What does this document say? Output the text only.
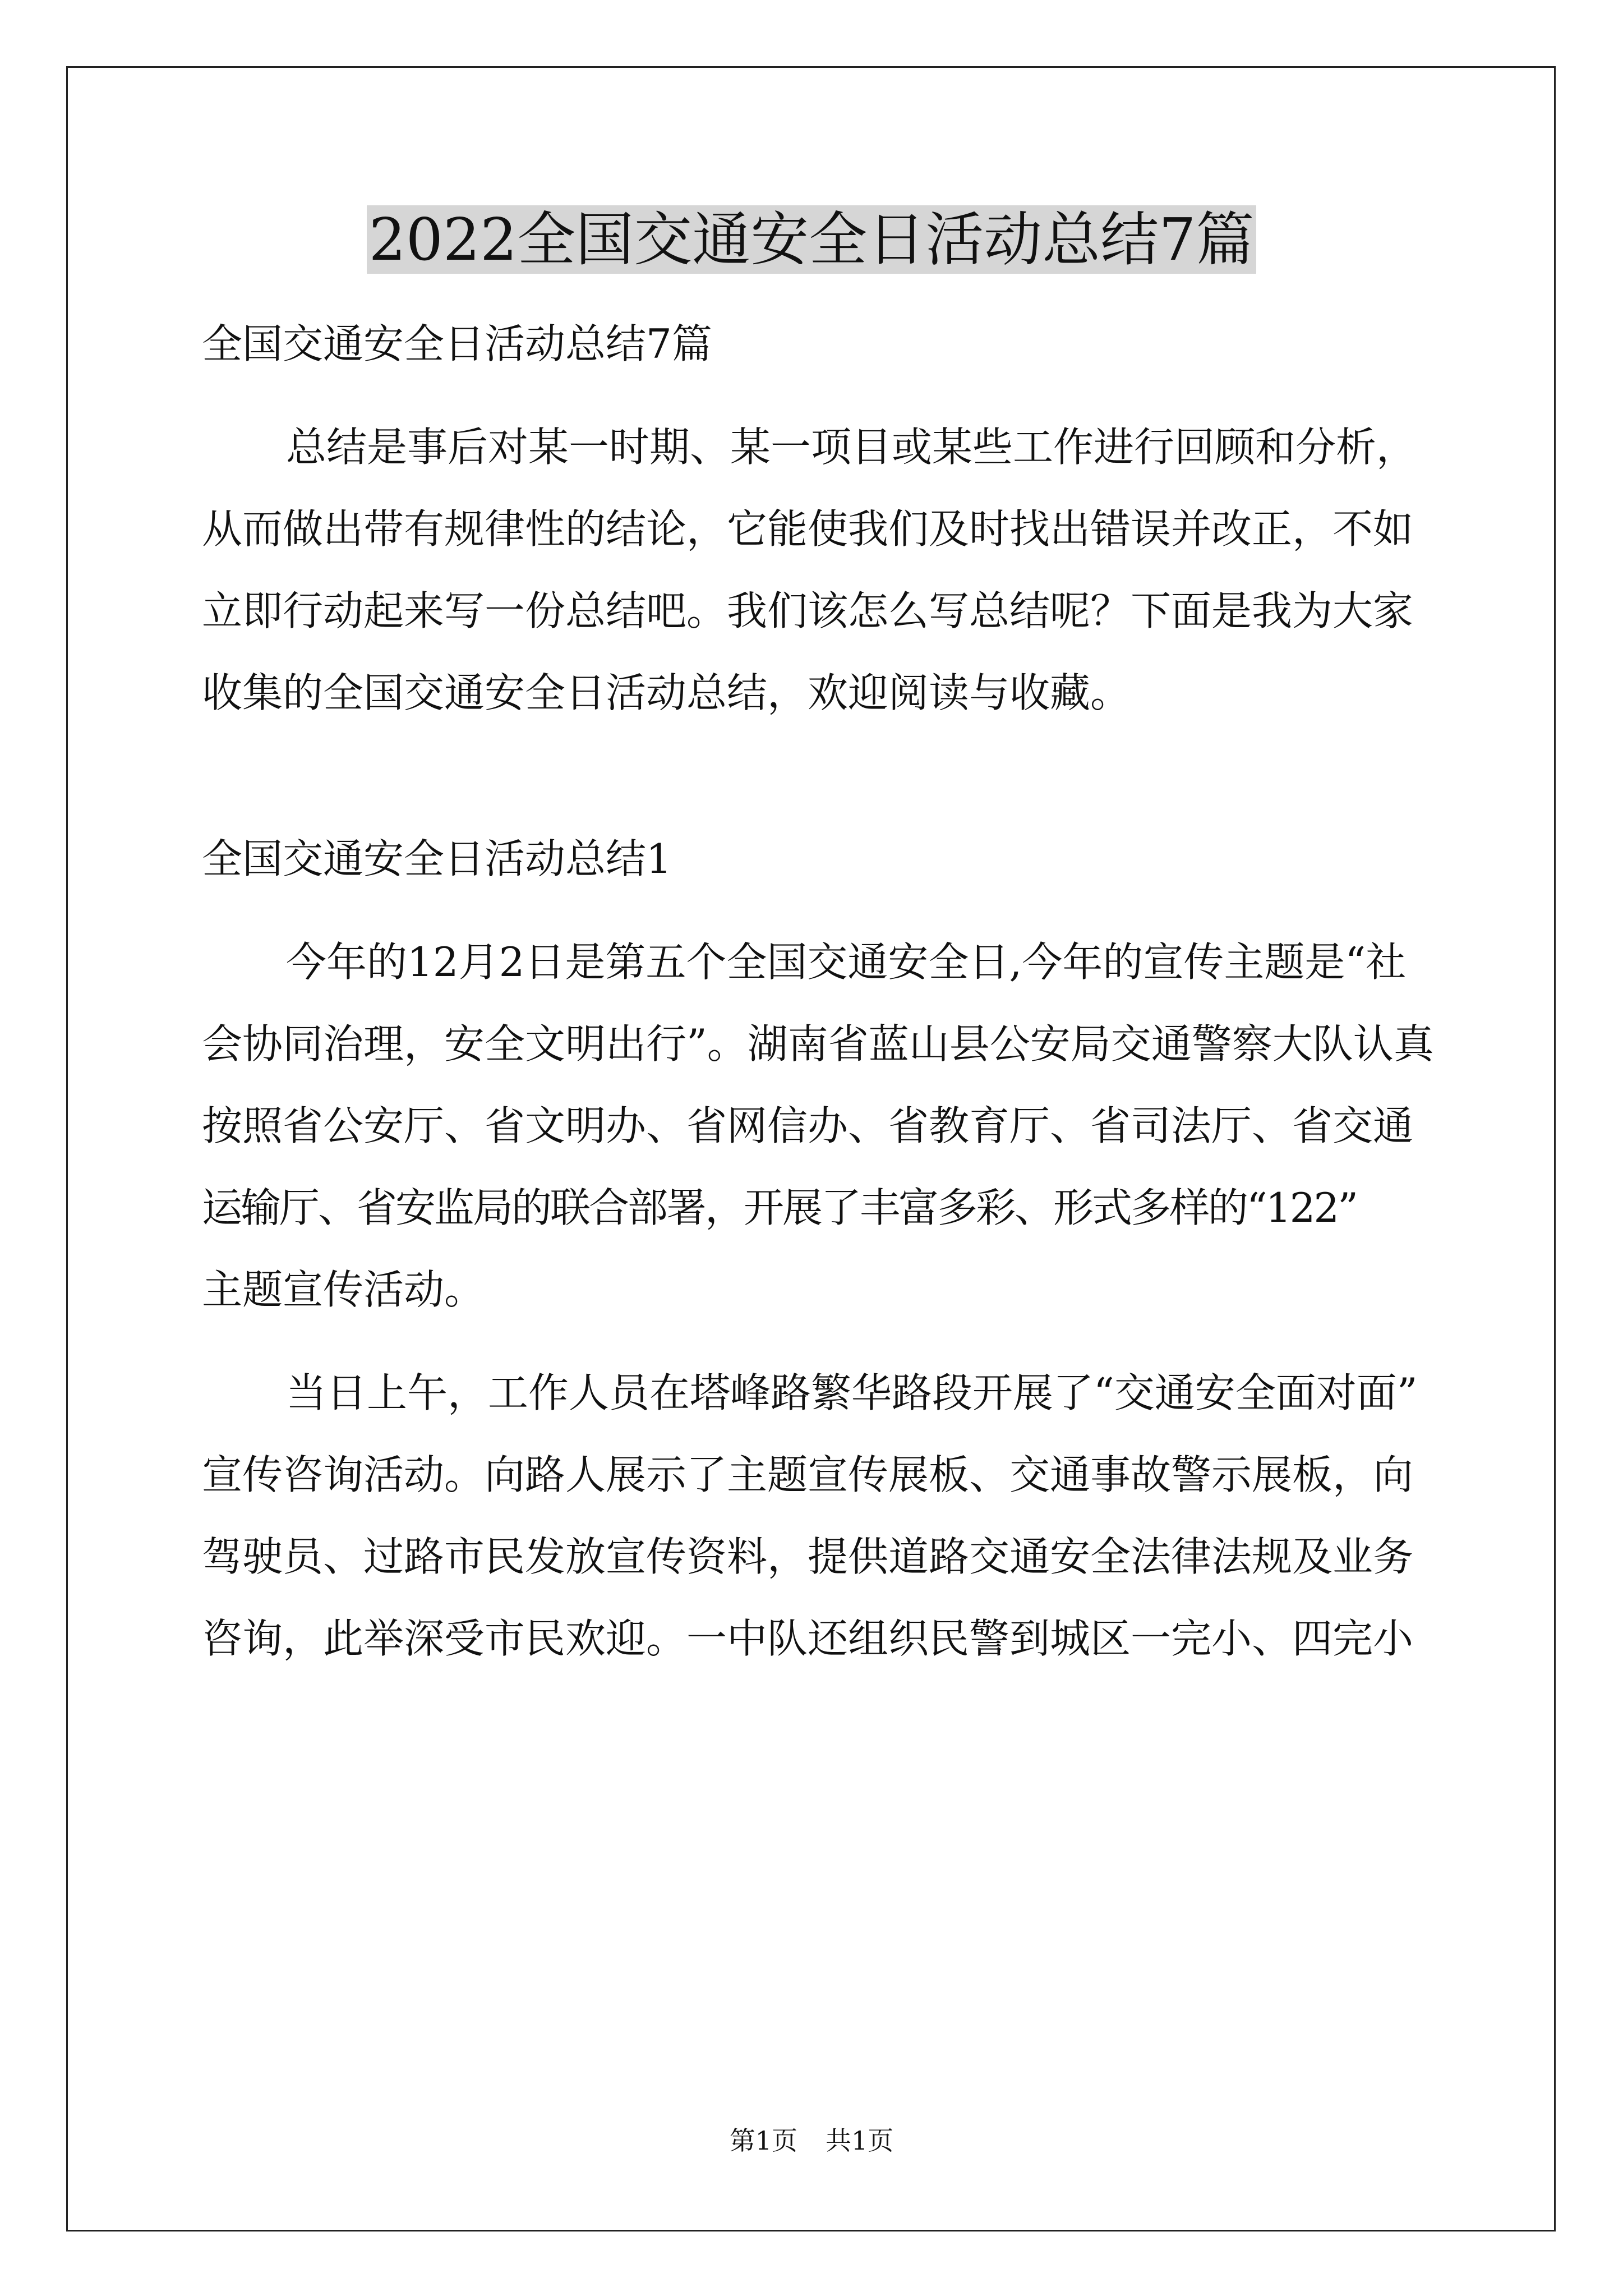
2022全国交通安全日活动总结7篇

全国交通安全日活动总结7篇

总结是事后对某一时期、某一项目或某些工作进行回顾和分析，

从而做出带有规律性的结论，它能使我们及时找出错误并改正，不如

立即行动起来写一份总结吧。我们该怎么写总结呢？下面是我为大家

收集的全国交通安全日活动总结，欢迎阅读与收藏。

全国交通安全日活动总结1

今年的12月2日是第五个全国交通安全日,今年的宣传主题是“社

会协同治理，安全文明出行”。湖南省蓝山县公安局交通警察大队认真

按照省公安厅、省文明办、省网信办、省教育厅、省司法厅、省交通

运输厅、省安监局的联合部署，开展了丰富多彩、形式多样的“122”

主题宣传活动。

当日上午，工作人员在塔峰路繁华路段开展了“交通安全面对面”

宣传咨询活动。向路人展示了主题宣传展板、交通事故警示展板，向

驾驶员、过路市民发放宣传资料，提供道路交通安全法律法规及业务

咨询，此举深受市民欢迎。一中队还组织民警到城区一完小、四完小

第1页 共1页
